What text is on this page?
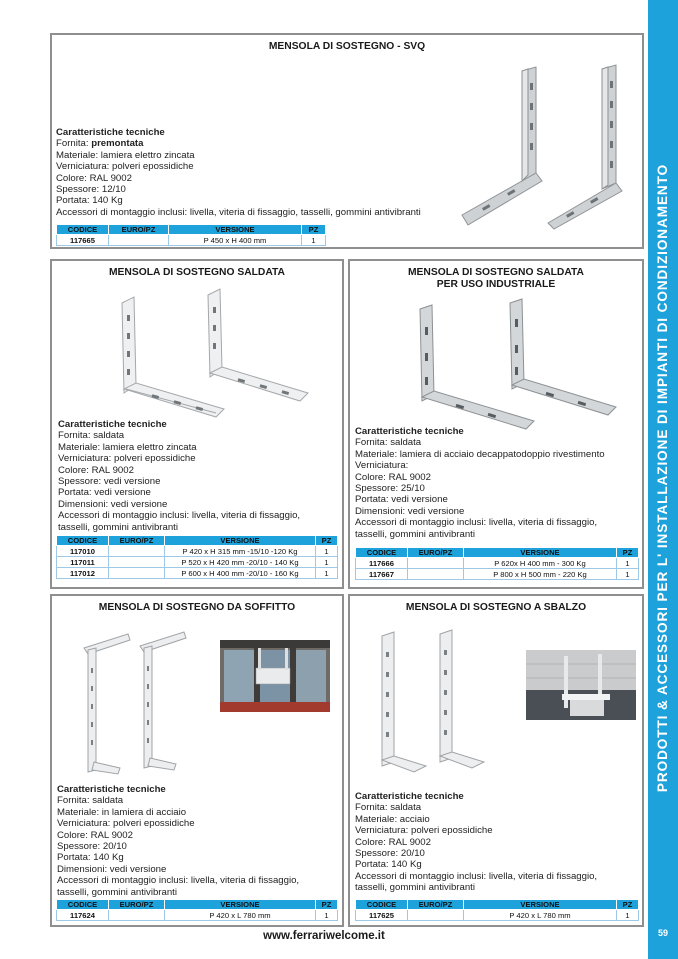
PRODOTTI & ACCESSORI PER L' INSTALLAZIONE DI IMPIANTI DI CONDIZIONAMENTO
59
MENSOLA DI SOSTEGNO - SVQ
Caratteristiche tecniche
Fornita: premontata
Materiale: lamiera elettro zincata
Verniciatura: polveri epossidiche
Colore: RAL 9002
Spessore: 12/10
Portata: 140 Kg
Accessori di montaggio inclusi: livella, viteria di fissaggio, tasselli, gommini antivibranti
CODICE	EURO/PZ	VERSIONE	PZ
117665		P 450 x H 400 mm	1
MENSOLA DI SOSTEGNO SALDATA
Caratteristiche tecniche
Fornita: saldata
Materiale: lamiera elettro zincata
Verniciatura: polveri epossidiche
Colore: RAL 9002
Spessore: vedi versione
Portata: vedi versione
Dimensioni: vedi versione
Accessori di montaggio inclusi: livella, viteria di fissaggio,
tasselli, gommini antivibranti
CODICE	EURO/PZ	VERSIONE	PZ
117010		P 420 x H 315 mm -15/10 -120 Kg	1
117011		P 520 x H 420 mm -20/10 - 140 Kg	1
117012		P 600 x H 400 mm -20/10 - 160 Kg	1
MENSOLA DI SOSTEGNO SALDATA
PER USO INDUSTRIALE
Caratteristiche tecniche
Fornita: saldata
Materiale: lamiera di acciaio decappatodoppio rivestimento
Verniciatura:
Colore: RAL 9002
Spessore: 25/10
Portata: vedi versione
Dimensioni: vedi versione
Accessori di montaggio inclusi: livella, viteria di fissaggio,
tasselli, gommini antivibranti
CODICE	EURO/PZ	VERSIONE	PZ
117666		P 620x H 400 mm - 300 Kg	1
117667		P 800 x H 500 mm - 220 Kg	1
MENSOLA DI SOSTEGNO DA SOFFITTO
Caratteristiche tecniche
Fornita: saldata
Materiale: in lamiera di acciaio
Verniciatura: polveri epossidiche
Colore: RAL 9002
Spessore: 20/10
Portata: 140 Kg
Dimensioni: vedi versione
Accessori di montaggio inclusi: livella, viteria di fissaggio,
tasselli, gommini antivibranti
CODICE	EURO/PZ	VERSIONE	PZ
117624		P 420 x L 780 mm	1
MENSOLA DI SOSTEGNO A SBALZO
Caratteristiche tecniche
Fornita: saldata
Materiale: acciaio
Verniciatura: polveri epossidiche
Colore: RAL 9002
Spessore: 20/10
Portata: 140 Kg
Accessori di montaggio inclusi: livella, viteria di fissaggio,
tasselli, gommini antivibranti
CODICE	EURO/PZ	VERSIONE	PZ
117625		P 420 x L 780 mm	1
www.ferrariwelcome.it
